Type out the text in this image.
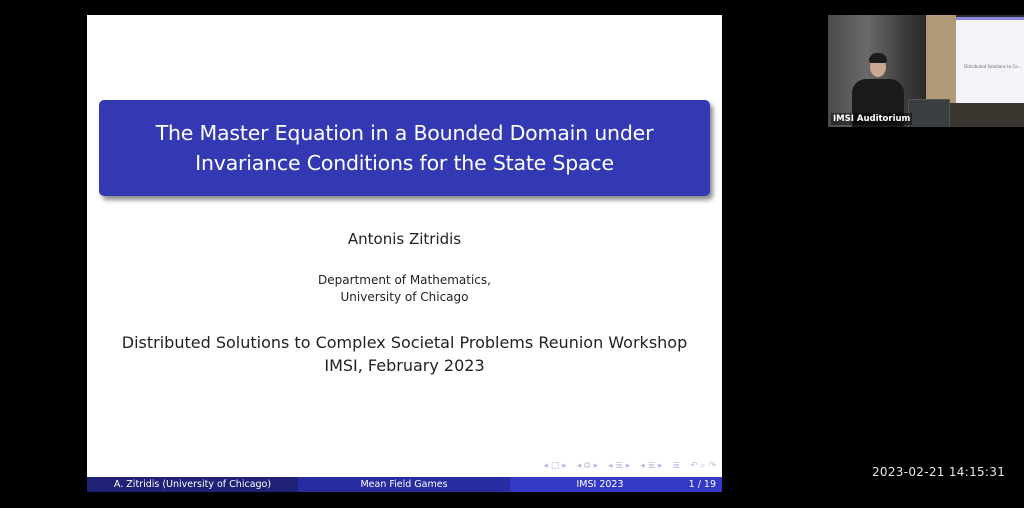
The Master Equation in a Bounded Domain under
Invariance Conditions for the State Space
Antonis Zitridis
Department of Mathematics,
University of Chicago
Distributed Solutions to Complex Societal Problems Reunion Workshop
IMSI, February 2023
◂ □ ▸ ◂ ⧉ ▸ ◂ ≣ ▸ ◂ ≣ ▸ ≣ ↶ ⌕ ↷
A. Zitridis (University of Chicago)	Mean Field Games	IMSI 2023	1 / 19
Distributed Solutions to Co...
IMSI Auditorium
2023-02-21 14:15:31
